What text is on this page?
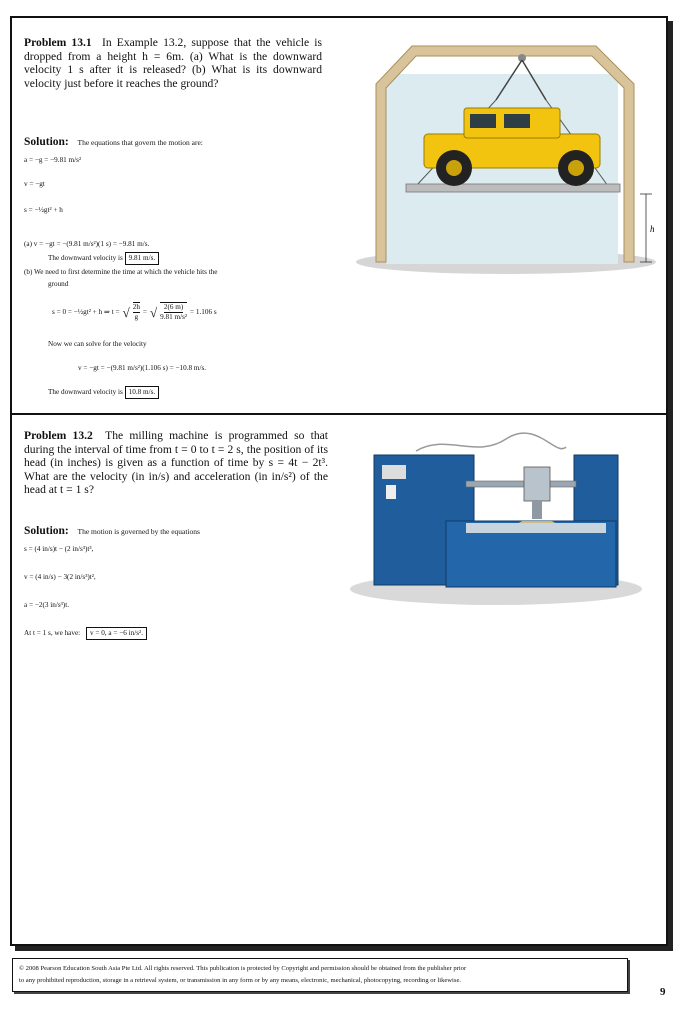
Problem 13.1 In Example 13.2, suppose that the vehicle is dropped from a height h = 6m. (a) What is the downward velocity 1 s after it is released? (b) What is its downward velocity just before it reaches the ground?
Solution: The equations that govern the motion are:
a = −g = −9.81 m/s²
v = −gt
s = −½gt² + h
(a) v = −gt = −(9.81 m/s²)(1 s) = −9.81 m/s.
The downward velocity is 9.81 m/s.
(b) We need to first determine the time at which the vehicle hits the
ground
s = 0 = −½gt² + h ⇒ t = √ $\frac{2h}{g}$ = √ $\frac{2(6 m)}{\text{9.81 m/s²}} = 1.106$ s
Now we can solve for the velocity
v = −gt = −(9.81 m/s²)(1.106 s) = −10.8 m/s.
The downward velocity is 10.8 m/s.
h
Problem 13.2 The milling machine is programmed so that during the interval of time from t = 0 to t = 2 s, the position of its head (in inches) is given as a function of time by s = 4t − 2t³. What are the velocity (in in/s) and acceleration (in in/s²) of the head at t = 1 s?
Solution: The motion is governed by the equations
s = (4 in/s)t − (2 in/s³)t³,
v = (4 in/s) − 3(2 in/s³)t²,
a = −2(3 in/s³)t.
At t = 1 s, we have: v = 0, a = −6 in/s².
© 2008 Pearson Education South Asia Pte Ltd. All rights reserved. This publication is protected by Copyright and permission should be obtained from the publisher prior
to any prohibited reproduction, storage in a retrieval system, or transmission in any form or by any means, electronic, mechanical, photocopying, recording or likewise.
9
